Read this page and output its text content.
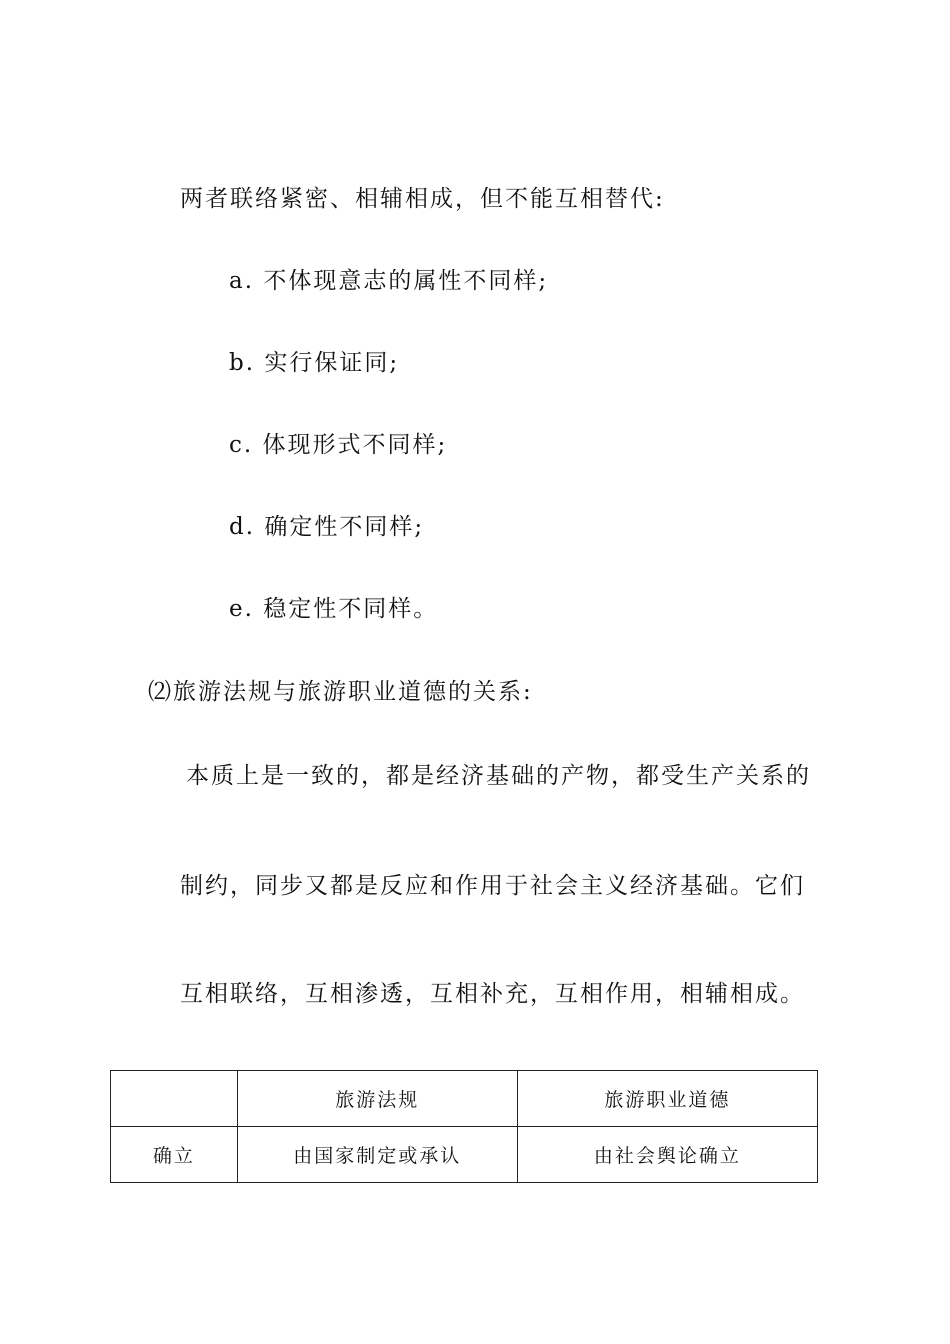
两者联络紧密、相辅相成，但不能互相替代:
a. 不体现意志的属性不同样;
b. 实行保证同;
c. 体现形式不同样;
d. 确定性不同样;
e. 稳定性不同样。
⑵旅游法规与旅游职业道德的关系:
本质上是一致的，都是经济基础的产物，都受生产关系的
制约，同步又都是反应和作用于社会主义经济基础。它们
互相联络，互相渗透，互相补充，互相作用，相辅相成。
	旅游法规	旅游职业道德
确立	由国家制定或承认	由社会舆论确立
